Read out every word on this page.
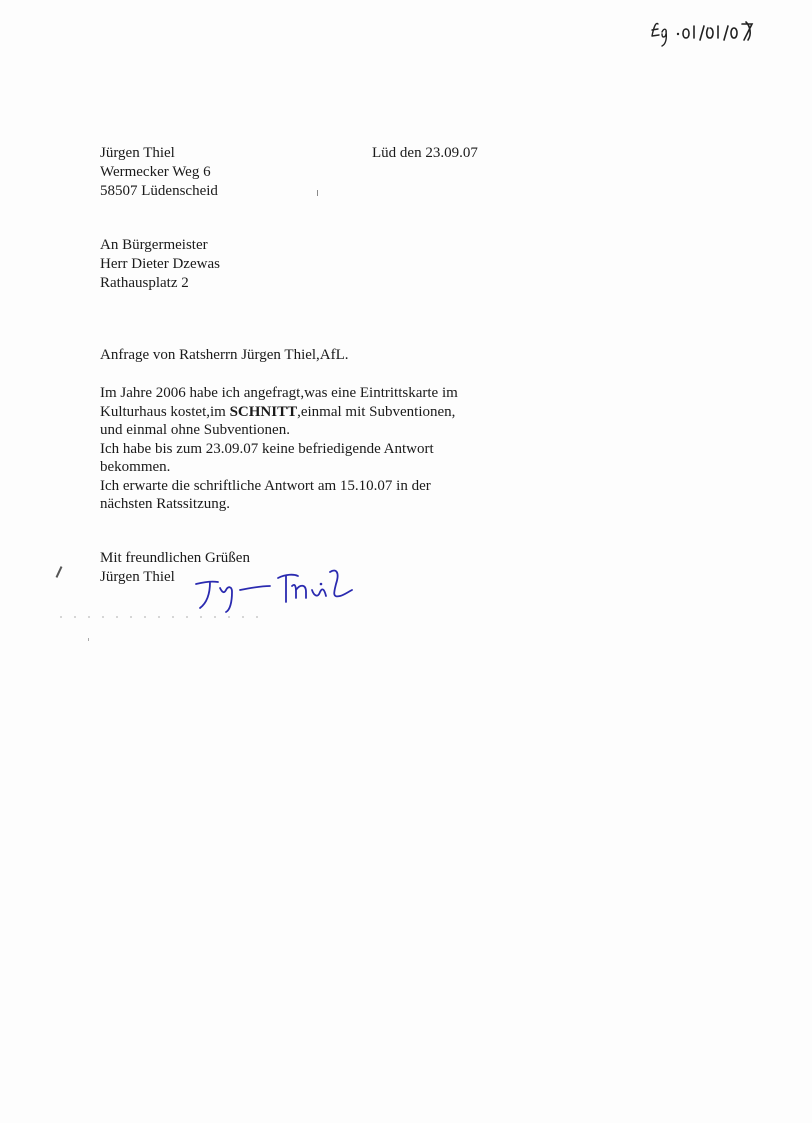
Jürgen Thiel
Wermecker Weg 6
58507 Lüdenscheid
Lüd den 23.09.07
An Bürgermeister
Herr Dieter Dzewas
Rathausplatz 2
Anfrage von Ratsherrn Jürgen Thiel,AfL.
Im Jahre 2006 habe ich angefragt,was eine Eintrittskarte im
Kulturhaus kostet,im SCHNITT,einmal mit Subventionen,
und einmal ohne Subventionen.
Ich habe bis zum 23.09.07 keine befriedigende Antwort
bekommen.
Ich erwarte die schriftliche Antwort am 15.10.07 in der
nächsten Ratssitzung.
Mit freundlichen Grüßen
Jürgen Thiel
